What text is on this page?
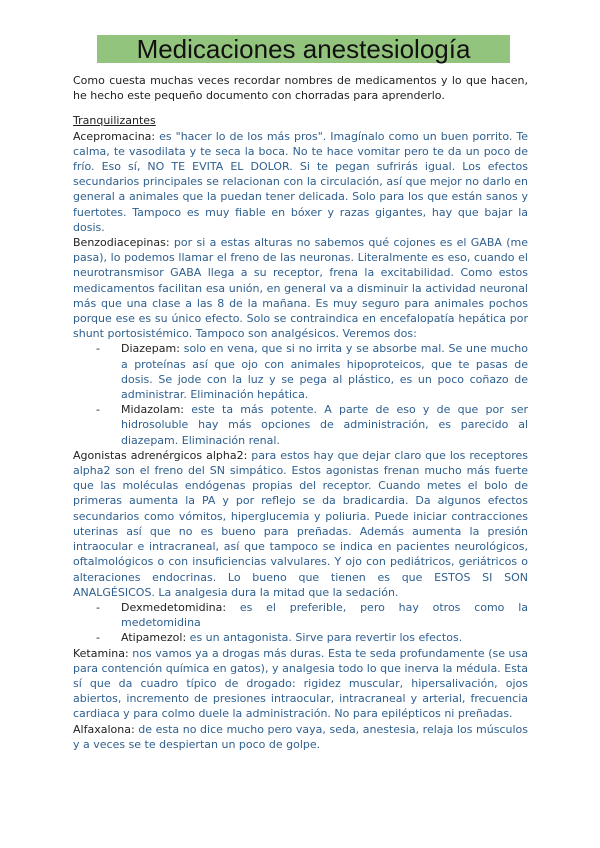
Medicaciones anestesiología

Como cuesta muchas veces recordar nombres de medicamentos y lo que hacen, he hecho este pequeño documento con chorradas para aprenderlo.

Tranquilizantes

Acepromacina: es "hacer lo de los más pros". Imagínalo como un buen porrito. Te calma, te vasodilata y te seca la boca. No te hace vomitar pero te da un poco de frío. Eso sí, NO TE EVITA EL DOLOR. Si te pegan sufrirás igual. Los efectos secundarios principales se relacionan con la circulación, así que mejor no darlo en general a animales que la puedan tener delicada. Solo para los que están sanos y fuertotes. Tampoco es muy fiable en bóxer y razas gigantes, hay que bajar la dosis.

Benzodiacepinas: por si a estas alturas no sabemos qué cojones es el GABA (me pasa), lo podemos llamar el freno de las neuronas. Literalmente es eso, cuando el neurotransmisor GABA llega a su receptor, frena la excitabilidad. Como estos medicamentos facilitan esa unión, en general va a disminuir la actividad neuronal más que una clase a las 8 de la mañana. Es muy seguro para animales pochos porque ese es su único efecto. Solo se contraindica en encefalopatía hepática por shunt portosistémico. Tampoco son analgésicos. Veremos dos:

- Diazepam: solo en vena, que si no irrita y se absorbe mal. Se une mucho a proteínas así que ojo con animales hipoproteicos, que te pasas de dosis. Se jode con la luz y se pega al plástico, es un poco coñazo de administrar. Eliminación hepática.
- Midazolam: este ta más potente. A parte de eso y de que por ser hidrosoluble hay más opciones de administración, es parecido al diazepam. Eliminación renal.

Agonistas adrenérgicos alpha2: para estos hay que dejar claro que los receptores alpha2 son el freno del SN simpático. Estos agonistas frenan mucho más fuerte que las moléculas endógenas propias del receptor. Cuando metes el bolo de primeras aumenta la PA y por reflejo se da bradicardia. Da algunos efectos secundarios como vómitos, hiperglucemia y poliuria. Puede iniciar contracciones uterinas así que no es bueno para preñadas. Además aumenta la presión intraocular e intracraneal, así que tampoco se indica en pacientes neurológicos, oftalmológicos o con insuficiencias valvulares. Y ojo con pediátricos, geriátricos o alteraciones endocrinas. Lo bueno que tienen es que ESTOS SI SON ANALGÉSICOS. La analgesia dura la mitad que la sedación.

- Dexmedetomidina: es el preferible, pero hay otros como la medetomidina
- Atipamezol: es un antagonista. Sirve para revertir los efectos.

Ketamina: nos vamos ya a drogas más duras. Esta te seda profundamente (se usa para contención química en gatos), y analgesia todo lo que inerva la médula. Esta sí que da cuadro típico de drogado: rigidez muscular, hipersalivación, ojos abiertos, incremento de presiones intraocular, intracraneal y arterial, frecuencia cardiaca y para colmo duele la administración. No para epilépticos ni preñadas.

Alfaxalona: de esta no dice mucho pero vaya, seda, anestesia, relaja los músculos y a veces se te despiertan un poco de golpe.
